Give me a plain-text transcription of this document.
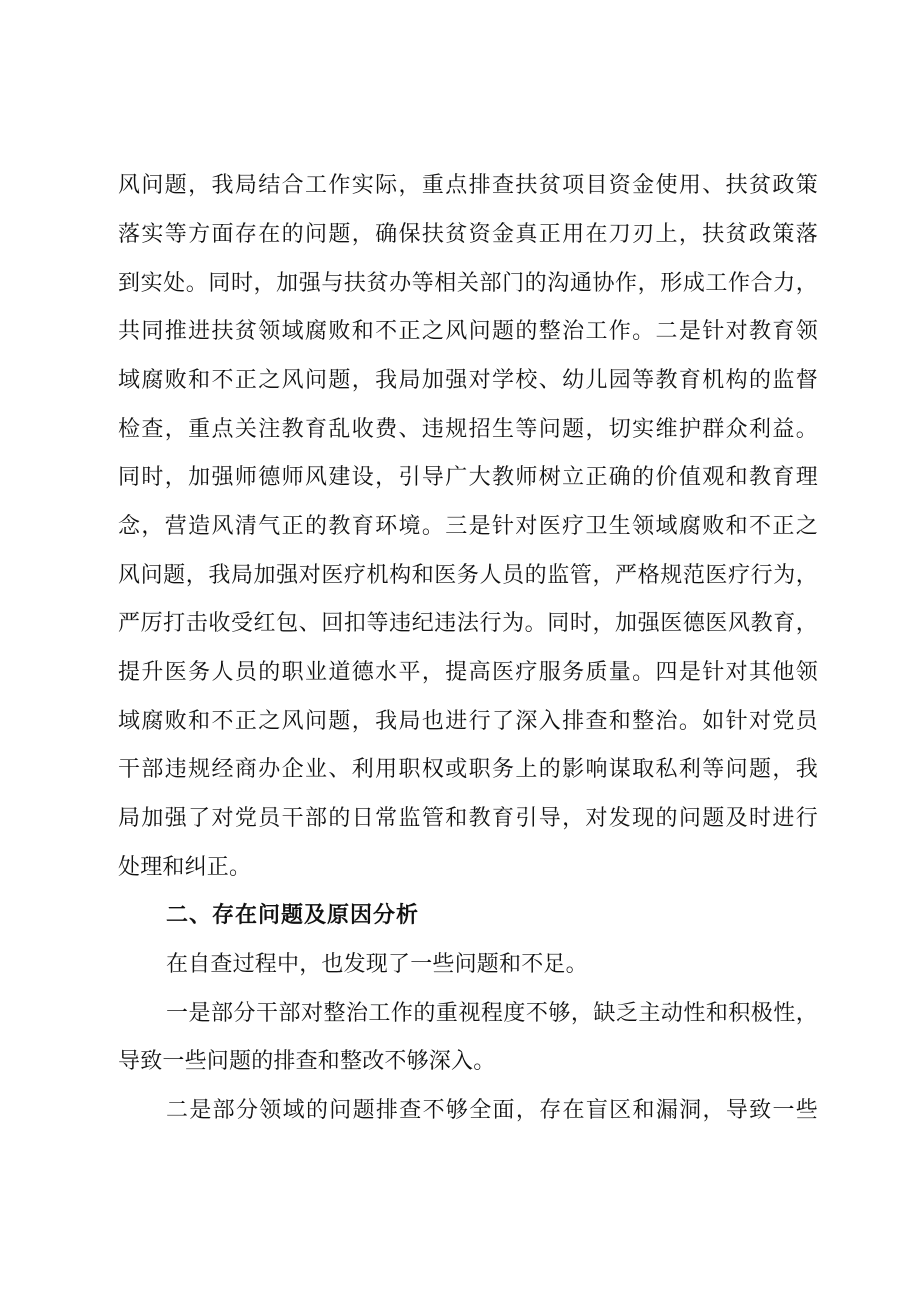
风问题，我局结合工作实际，重点排查扶贫项目资金使用、扶贫政策
落实等方面存在的问题，确保扶贫资金真正用在刀刃上，扶贫政策落
到实处。同时，加强与扶贫办等相关部门的沟通协作，形成工作合力，
共同推进扶贫领域腐败和不正之风问题的整治工作。二是针对教育领
域腐败和不正之风问题，我局加强对学校、幼儿园等教育机构的监督
检查，重点关注教育乱收费、违规招生等问题，切实维护群众利益。
同时，加强师德师风建设，引导广大教师树立正确的价值观和教育理
念，营造风清气正的教育环境。三是针对医疗卫生领域腐败和不正之
风问题，我局加强对医疗机构和医务人员的监管，严格规范医疗行为，
严厉打击收受红包、回扣等违纪违法行为。同时，加强医德医风教育，
提升医务人员的职业道德水平，提高医疗服务质量。四是针对其他领
域腐败和不正之风问题，我局也进行了深入排查和整治。如针对党员
干部违规经商办企业、利用职权或职务上的影响谋取私利等问题，我
局加强了对党员干部的日常监管和教育引导，对发现的问题及时进行
处理和纠正。
二、存在问题及原因分析
在自查过程中，也发现了一些问题和不足。
一是部分干部对整治工作的重视程度不够，缺乏主动性和积极性，
导致一些问题的排查和整改不够深入。
二是部分领域的问题排查不够全面，存在盲区和漏洞，导致一些
